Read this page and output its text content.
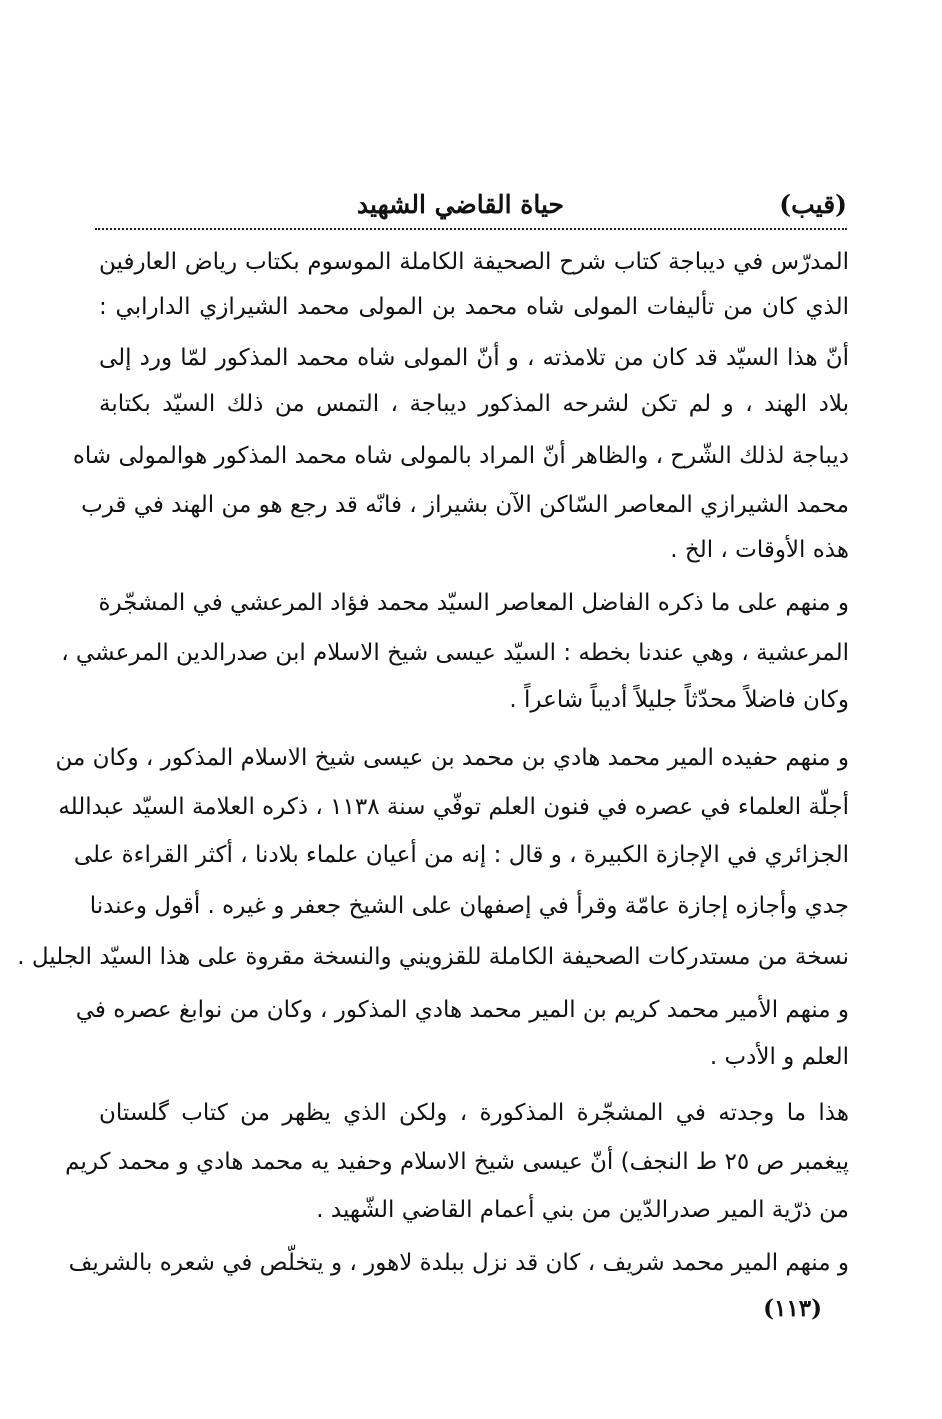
(قيب)
حياة القاضي الشهيد
المدرّس في ديباجة كتاب شرح الصحيفة الكاملة الموسوم بكتاب رياض العارفين
الذي كان من تأليفات المولى شاه محمد بن المولى محمد الشيرازي الدارابي :
أنّ هذا السيّد قد كان من تلامذته ، و أنّ المولى شاه محمد المذكور لمّا ورد إلى
بلاد الهند ، و لم تكن لشرحه المذكور ديباجة ، التمس من ذلك السيّد بكتابة
ديباجة لذلك الشّرح ، والظاهر أنّ المراد بالمولى شاه محمد المذكور هوالمولى شاه
محمد الشيرازي المعاصر السّاكن الآن بشيراز ، فانّه قد رجع هو من الهند في قرب
هذه الأوقات ، الخ .
و منهم على ما ذكره الفاضل المعاصر السيّد محمد فؤاد المرعشي في المشجّرة
المرعشية ، وهي عندنا بخطه : السيّد عيسى شيخ الاسلام ابن صدرالدين المرعشي ،
وكان فاضلاً محدّثاً جليلاً أديباً شاعراً .
و منهم حفيده المير محمد هادي بن محمد بن عيسى شيخ الاسلام المذكور ، وكان من
أجلّة العلماء في عصره في فنون العلم توفّي سنة ١١٣٨ ، ذكره العلامة السيّد عبدالله
الجزائري في الإجازة الكبيرة ، و قال : إنه من أعيان علماء بلادنا ، أكثر القراءة على
جدي وأجازه إجازة عامّة وقرأ في إصفهان على الشيخ جعفر و غيره . أقول وعندنا
نسخة من مستدركات الصحيفة الكاملة للقزويني والنسخة مقروة على هذا السيّد الجليل .
و منهم الأمير محمد كريم بن المير محمد هادي المذكور ، وكان من نوابغ عصره في
العلم و الأدب .
هذا ما وجدته في المشجّرة المذكورة ، ولكن الذي يظهر من كتاب گلستان
پيغمبر ص ٢٥ ط النجف) أنّ عيسى شيخ الاسلام وحفيد يه محمد هادي و محمد كريم
من ذرّية المير صدرالدّين من بني أعمام القاضي الشّهيد .
و منهم المير محمد شريف ، كان قد نزل ببلدة لاهور ، و يتخلّص في شعره بالشريف
(١١٣)
